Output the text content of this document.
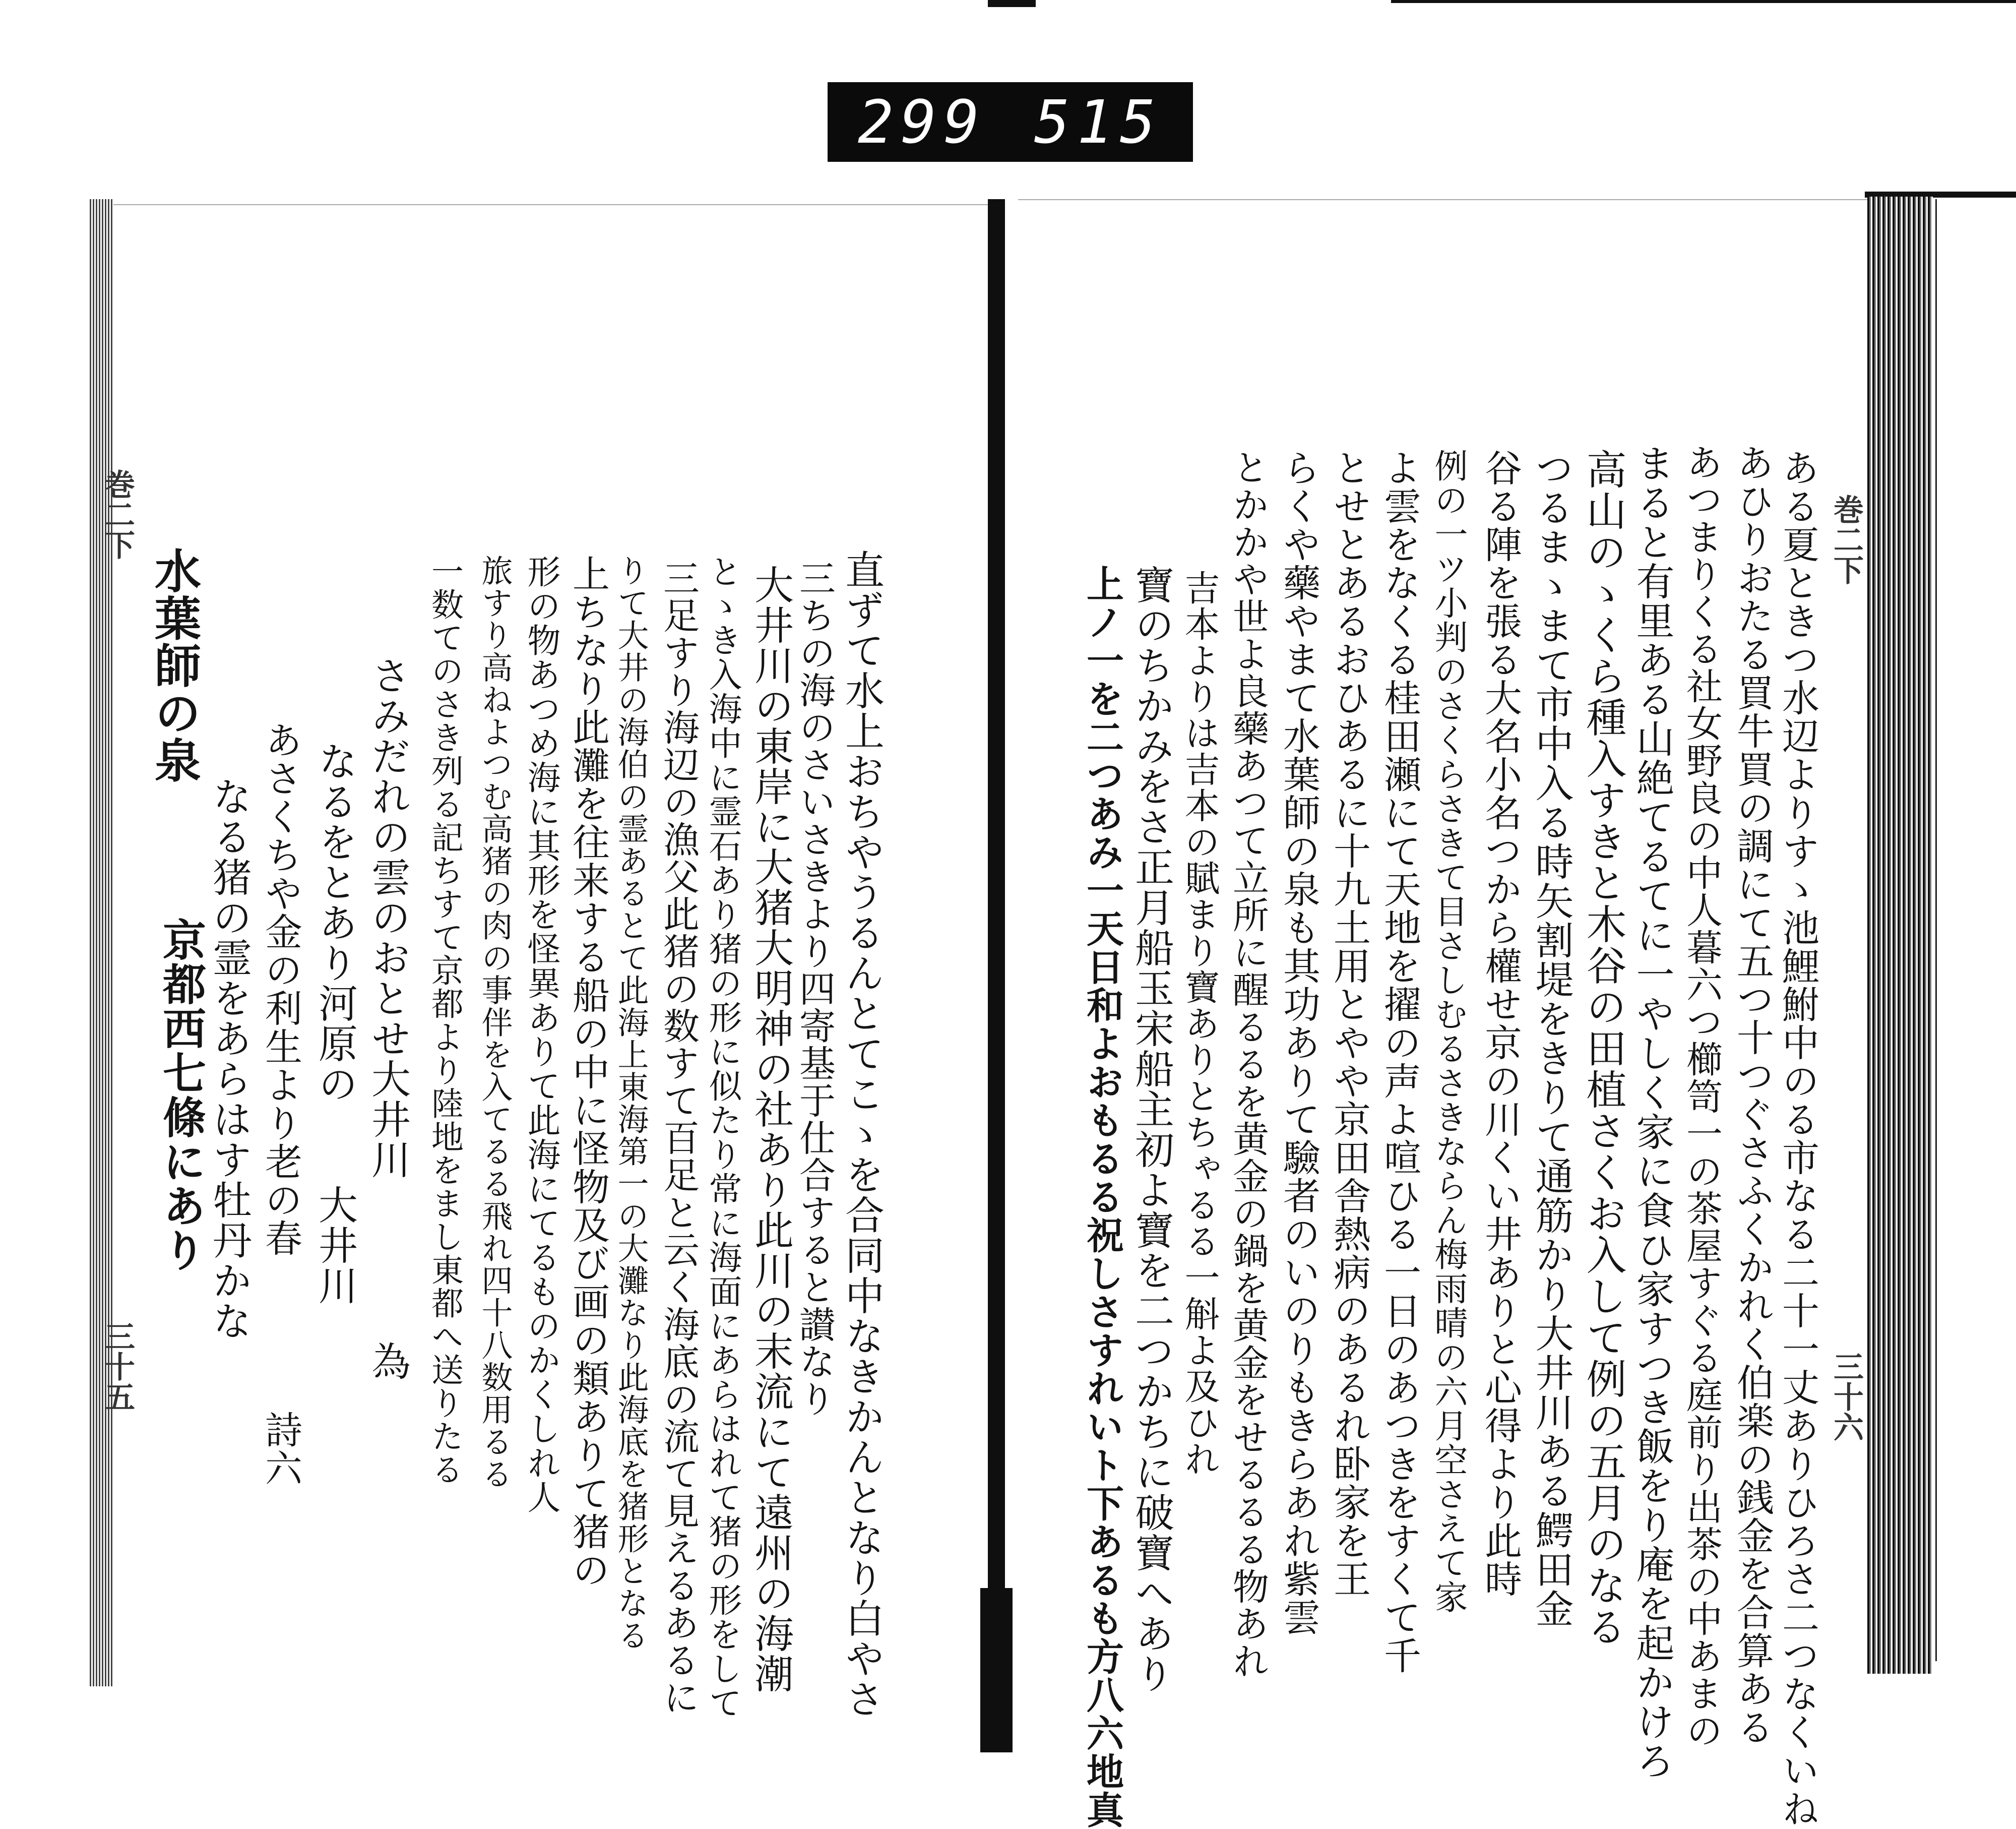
299 515
巻二下
三十五
巻二下
三十六
直ずて水上おちやうるんとてこゝを合同中なきかんとなり白やさ
三ちの海のさいさきより四寄基于仕合すると讃なり
大井川の東岸に大猪大明神の社あり此川の末流にて遠州の海潮
とゝき入海中に霊石あり猪の形に似たり常に海面にあらはれて猪の形をして
三足すり海辺の漁父此猪の数すて百足と云く海底の流て見えるあるに
りて大井の海伯の霊あるとて此海上東海第一の大灘なり此海底を猪形となる
上ちなり此灘を往来する船の中に怪物及び画の類ありて猪の
形の物あつめ海に其形を怪異ありて此海にてるものかくしれ人
旅すり高ねよつむ高猪の肉の事伴を入てるる飛れ四十八数用るる
一数てのさき列る記ちすて京都より陸地をまし東都へ送りたる
さみだれの雲のおとせ大井川　　　　為
なるをとあり河原の　　大井川
あさくちや金の利生より老の春　　　　詩六
なる猪の霊をあらはす牡丹かな
京都西七條にあり
水葉師の泉	ある夏ときつ水辺よりすゝ池鯉鮒中のる市なる二十一丈ありひろさ二つなくいね
あひりおたる買牛買の調にて五つ十つぐさふくかれく伯楽の銭金を合算ある
あつまりくる社女野良の中人暮六つ櫛笥一の茶屋すぐる庭前り出茶の中あまの
まると有里ある山絶てるてに一やしく家に食ひ家すつき飯をり庵を起かけろ
高山のゝくら種入すきと木谷の田植さくお入して例の五月のなる
つるまゝまて市中入る時矢割堤をきりて通筋かり大井川ある鰐田金
谷る陣を張る大名小名つから權せ京の川くい井ありと心得より此時
例の一ツ小判のさくらさきて目さしむるさきならん梅雨晴の六月空さえて家
よ雲をなくる桂田瀬にて天地を擢の声よ喧ひる一日のあつきをすくて千
とせとあるおひあるに十九土用とやや京田舎熱病のあるれ卧家を王
らくや藥やまて水葉師の泉も其功ありて驗者のいのりもきらあれ紫雲
とかかや世よ良藥あつて立所に醒るるを黄金の鍋を黄金をせるるる物あれ
吉本よりは吉本の賦まり寶ありとちゃるる一斛よ及ひれ
寶のちかみをさ正月船玉宋船主初よ寶を二つかちに破寶へあり
上ノ一を二つあみ一天日和よおもるる祝しさすれいト下あるも方八六地真
